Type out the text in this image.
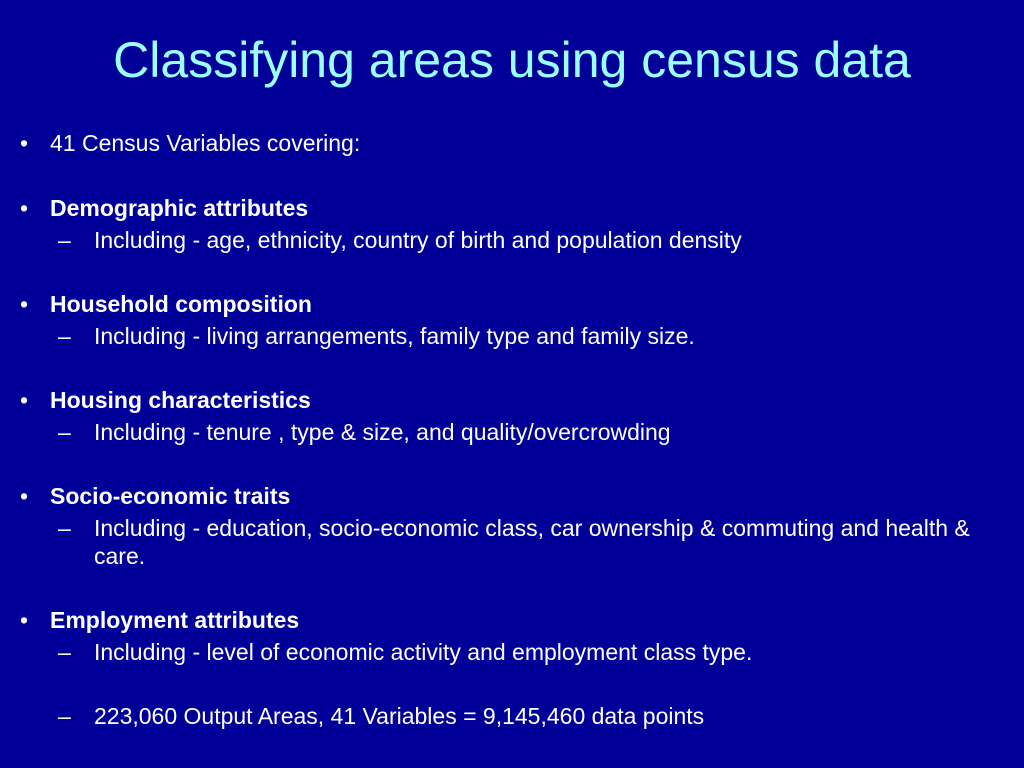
Classifying areas using census data
• 41 Census Variables covering:
• Demographic attributes
– Including - age, ethnicity, country of birth and population density
• Household composition
– Including - living arrangements, family type and family size.
• Housing characteristics
– Including - tenure , type & size, and quality/overcrowding
• Socio-economic traits
– Including - education, socio-economic class, car ownership & commuting and health & care.
• Employment attributes
– Including - level of economic activity and employment class type.
– 223,060 Output Areas, 41 Variables = 9,145,460 data points
